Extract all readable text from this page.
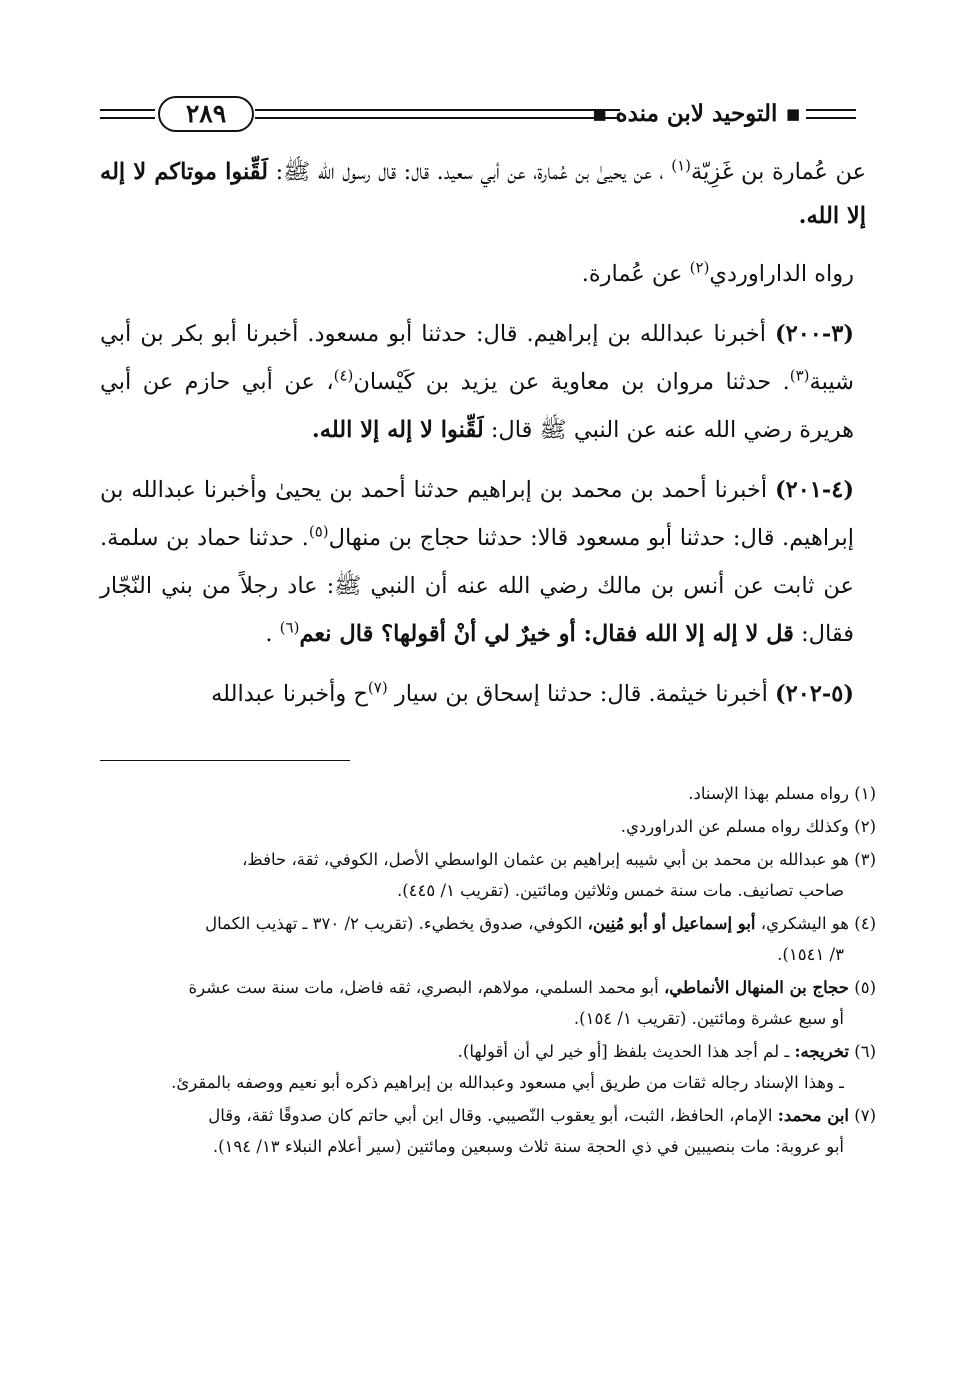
▪ التوحيد لابن منده ▪
٢٨٩

عن عُمارة بن غَزِيّة$^{(١)}$ ، عن يحيىٰ بن عُمارة، عن أبي سعيد. قال: قال رسول الله ﷺ: لَقِّنوا موتاكم لا إله إلا الله.

رواه الداراوردي$^{(٢)}$ عن عُمارة.

(٣-٢٠٠) أخبرنا عبدالله بن إبراهيم. قال: حدثنا أبو مسعود. أخبرنا أبو بكر بن أبي شيبة$^{(٣)}$. حدثنا مروان بن معاوية عن يزيد بن كَيْسان$^{(٤)}$، عن أبي حازم عن أبي هريرة رضي الله عنه عن النبي ﷺ قال: لَقِّنوا لا إله إلا الله.

(٤-٢٠١) أخبرنا أحمد بن محمد بن إبراهيم حدثنا أحمد بن يحيىٰ وأخبرنا عبدالله بن إبراهيم. قال: حدثنا أبو مسعود قالا: حدثنا حجاج بن منهال$^{(٥)}$. حدثنا حماد بن سلمة. عن ثابت عن أنس بن مالك رضي الله عنه أن النبي ﷺ: عاد رجلاً من بني النّجّار فقال: قل لا إله إلا الله فقال: أو خيرٌ لي أنْ أقولها؟ قال نعم$^{(٦)}$ .

(٥-٢٠٢) أخبرنا خيثمة. قال: حدثنا إسحاق بن سيار $^{(٧)}$ح وأخبرنا عبدالله

(١) رواه مسلم بهذا الإسناد.
(٢) وكذلك رواه مسلم عن الدراوردي.
(٣) هو عبدالله بن محمد بن أبي شيبه إبراهيم بن عثمان الواسطي الأصل، الكوفي، ثقة، حافظ،
صاحب تصانيف. مات سنة خمس وثلاثين ومائتين. (تقريب ١/ ٤٤٥).
(٤) هو اليشكري، أبو إسماعيل أو أبو مُنِين، الكوفي، صدوق يخطيء. (تقريب ٢/ ٣٧٠ ـ تهذيب الكمال
٣/ ١٥٤١).
(٥) حجاج بن المنهال الأنماطي، أبو محمد السلمي، مولاهم، البصري، ثقه فاضل، مات سنة ست عشرة
أو سبع عشرة ومائتين. (تقريب ١/ ١٥٤).
(٦) تخريجه: ـ لم أجد هذا الحديث بلفظ [أو خير لي أن أقولها).
ـ وهذا الإسناد رجاله ثقات من طريق أبي مسعود وعبدالله بن إبراهيم ذكره أبو نعيم ووصفه بالمقرئ.
(٧) ابن محمد: الإمام، الحافظ، الثبت، أبو يعقوب النّصيبي. وقال ابن أبي حاتم كان صدوقًا ثقة، وقال
أبو عروبة: مات بنصيبين في ذي الحجة سنة ثلاث وسبعين ومائتين (سير أعلام النبلاء ١٣/ ١٩٤).
